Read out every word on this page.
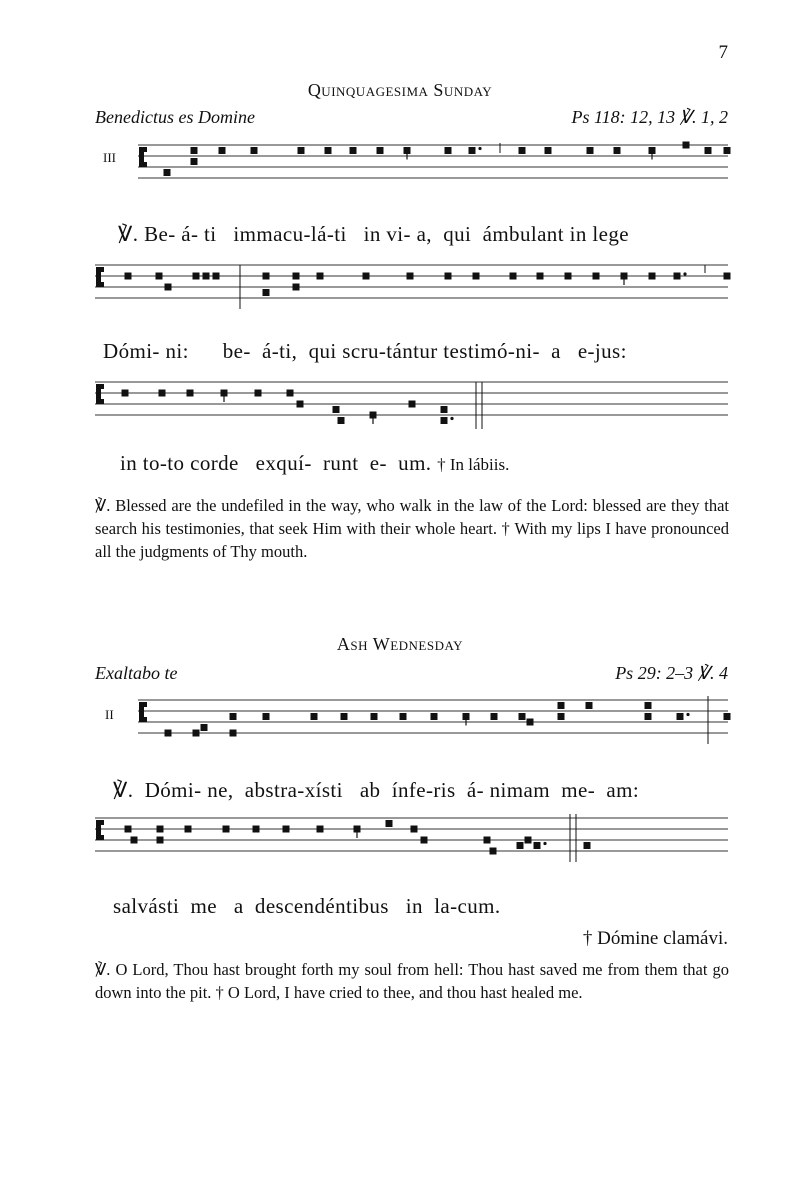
7
Quinquagesima Sunday
Benedictus es Domine	Ps 118: 12, 13 ℣. 1, 2
III
℣. Be- á- ti   immacu-lá-ti   in vi- a,  qui  ámbulant in lege
Dómi- ni:      be-  á-ti,  qui scru-tántur testimó-ni-  a   e-jus:
in to-to corde   exquí-  runt  e-  um. † In lábiis.
℣. Blessed are the undefiled in the way, who walk in the law of the Lord: blessed are they that search his testimonies, that seek Him with their whole heart. † With my lips I have pronounced all the judgments of Thy mouth.
Ash Wednesday
Exaltabo te	Ps 29: 2–3 ℣. 4
II
℣.  Dómi- ne,  abstra-xísti   ab  ínfe-ris  á- nimam  me-  am:
salvásti  me   a  descendéntibus   in  la-cum.
† Dómine clamávi.
℣. O Lord, Thou hast brought forth my soul from hell: Thou hast saved me from them that go down into the pit. † O Lord, I have cried to thee, and thou hast healed me.
